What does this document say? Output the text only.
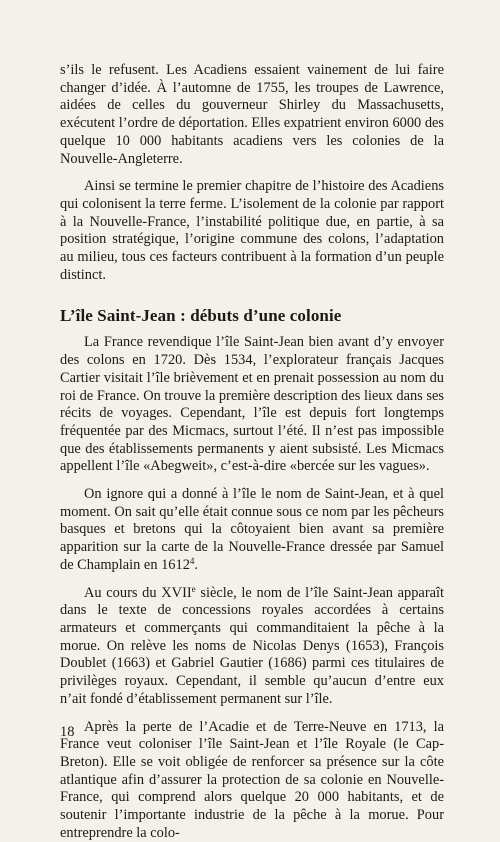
s’ils le refusent. Les Acadiens essaient vainement de lui faire changer d’idée. À l’automne de 1755, les troupes de Lawrence, aidées de celles du gouverneur Shirley du Massachusetts, exécutent l’ordre de déportation. Elles expatrient environ 6000 des quelque 10 000 habitants acadiens vers les colonies de la Nouvelle-Angleterre.

Ainsi se termine le premier chapitre de l’histoire des Acadiens qui colonisent la terre ferme. L’isolement de la colonie par rapport à la Nouvelle-France, l’instabilité politique due, en partie, à sa position stratégique, l’origine commune des colons, l’adaptation au milieu, tous ces facteurs contribuent à la formation d’un peuple distinct.

L’île Saint-Jean : débuts d’une colonie

La France revendique l’île Saint-Jean bien avant d’y envoyer des colons en 1720. Dès 1534, l’explorateur français Jacques Cartier visitait l’île brièvement et en prenait possession au nom du roi de France. On trouve la première description des lieux dans ses récits de voyages. Cependant, l’île est depuis fort longtemps fréquentée par des Micmacs, surtout l’été. Il n’est pas impossible que des établissements permanents y aient subsisté. Les Micmacs appellent l’île «Abegweit», c’est-à-dire «bercée sur les vagues».

On ignore qui a donné à l’île le nom de Saint-Jean, et à quel moment. On sait qu’elle était connue sous ce nom par les pêcheurs basques et bretons qui la côtoyaient bien avant sa première apparition sur la carte de la Nouvelle-France dressée par Samuel de Champlain en 1612$^4$.

Au cours du XVIIe siècle, le nom de l’île Saint-Jean apparaît dans le texte de concessions royales accordées à certains armateurs et commerçants qui commanditaient la pêche à la morue. On relève les noms de Nicolas Denys (1653), François Doublet (1663) et Gabriel Gautier (1686) parmi ces titulaires de privilèges royaux. Cependant, il semble qu’aucun d’entre eux n’ait fondé d’établissement permanent sur l’île.

Après la perte de l’Acadie et de Terre-Neuve en 1713, la France veut coloniser l’île Saint-Jean et l’île Royale (le Cap-Breton). Elle se voit obligée de renforcer sa présence sur la côte atlantique afin d’assurer la protection de sa colonie en Nouvelle-France, qui comprend alors quelque 20 000 habitants, et de soutenir l’importante industrie de la pêche à la morue. Pour entreprendre la colo-

18
